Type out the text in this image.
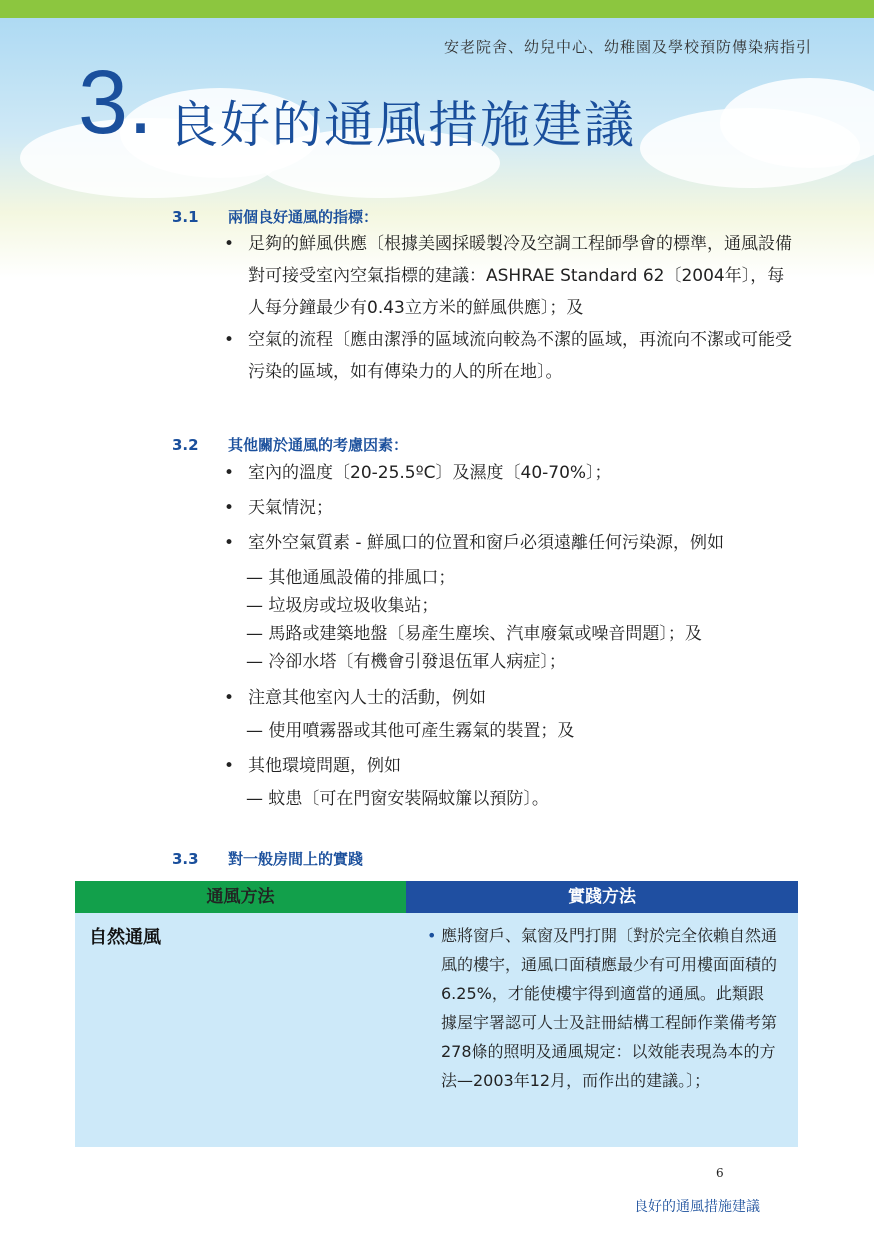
安老院舍、幼兒中心、幼稚園及學校預防傳染病指引
3. 良好的通風措施建議
3.1 兩個良好通風的指標：
• 足夠的鮮風供應〔根據美國採暖製冷及空調工程師學會的標準，通風設備對可接受室內空氣指標的建議：ASHRAE Standard 62〔2004年〕，每人每分鐘最少有0.43立方米的鮮風供應〕；及
• 空氣的流程〔應由潔淨的區域流向較為不潔的區域，再流向不潔或可能受污染的區域，如有傳染力的人的所在地〕。
3.2 其他關於通風的考慮因素：
• 室內的溫度〔20-25.5ºC〕及濕度〔40-70%〕；
• 天氣情況；
• 室外空氣質素 - 鮮風口的位置和窗戶必須遠離任何污染源，例如
— 其他通風設備的排風口；
— 垃圾房或垃圾收集站；
— 馬路或建築地盤〔易產生塵埃、汽車廢氣或噪音問題〕；及
— 冷卻水塔〔有機會引發退伍軍人病症〕；
• 注意其他室內人士的活動，例如
— 使用噴霧器或其他可產生霧氣的裝置；及
• 其他環境問題，例如
— 蚊患〔可在門窗安裝隔蚊簾以預防〕。
3.3 對一般房間上的實踐
通風方法	實踐方法
自然通風	• 應將窗戶、氣窗及門打開〔對於完全依賴自然通風的樓宇，通風口面積應最少有可用樓面面積的6.25%，才能使樓宇得到適當的通風。此類跟據屋宇署認可人士及註冊結構工程師作業備考第278條的照明及通風規定：以效能表現為本的方法—2003年12月，而作出的建議。〕；
6
良好的通風措施建議
